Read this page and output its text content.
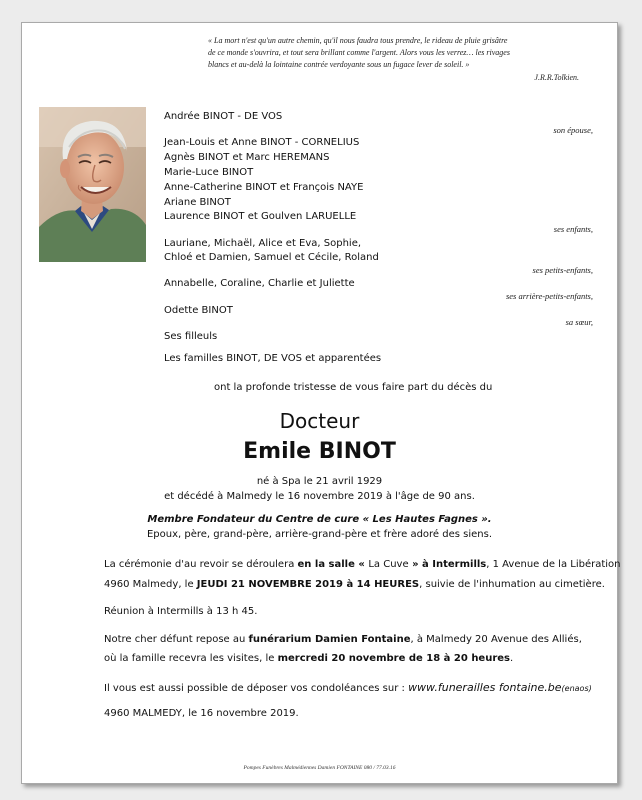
« La mort n'est qu'un autre chemin, qu'il nous faudra tous prendre, le rideau de pluie grisâtre
de ce monde s'ouvrira, et tout sera brillant comme l'argent. Alors vous les verrez… les rivages
blancs et au-delà la lointaine contrée verdoyante sous un fugace lever de soleil. »
J.R.R.Tolkien.
Andrée BINOT - DE VOS
son épouse,
Jean-Louis et Anne BINOT - CORNELIUS
Agnès BINOT et Marc HEREMANS
Marie-Luce BINOT
Anne-Catherine BINOT et François NAYE
Ariane BINOT
Laurence BINOT et Goulven LARUELLE
ses enfants,
Lauriane, Michaël, Alice et Eva, Sophie,
Chloé et Damien, Samuel et Cécile, Roland
ses petits-enfants,
Annabelle, Coraline, Charlie et Juliette
ses arrière-petits-enfants,
Odette BINOT
sa sœur,
Ses filleuls
Les familles BINOT, DE VOS et apparentées
ont la profonde tristesse de vous faire part du décès du
Docteur
Emile BINOT
né à Spa le 21 avril 1929
et décédé à Malmedy le 16 novembre 2019 à l'âge de 90 ans.
Membre Fondateur du Centre de cure « Les Hautes Fagnes ».
Epoux, père, grand-père, arrière-grand-père et frère adoré des siens.
La cérémonie d'au revoir se déroulera en la salle « La Cuve » à Intermills, 1 Avenue de la Libération
4960 Malmedy, le JEUDI 21 NOVEMBRE 2019 à 14 HEURES, suivie de l'inhumation au cimetière.
Réunion à Intermills à 13 h 45.
Notre cher défunt repose au funérarium Damien Fontaine, à Malmedy 20 Avenue des Alliés,
où la famille recevra les visites, le mercredi 20 novembre de 18 à 20 heures.
Il vous est aussi possible de déposer vos condoléances sur : www.funerailles fontaine.be(enaos)
4960 MALMEDY, le 16 novembre 2019.
Pompes Funèbres Malmédiennes Damien FONTAINE 080 / 77.03.16
